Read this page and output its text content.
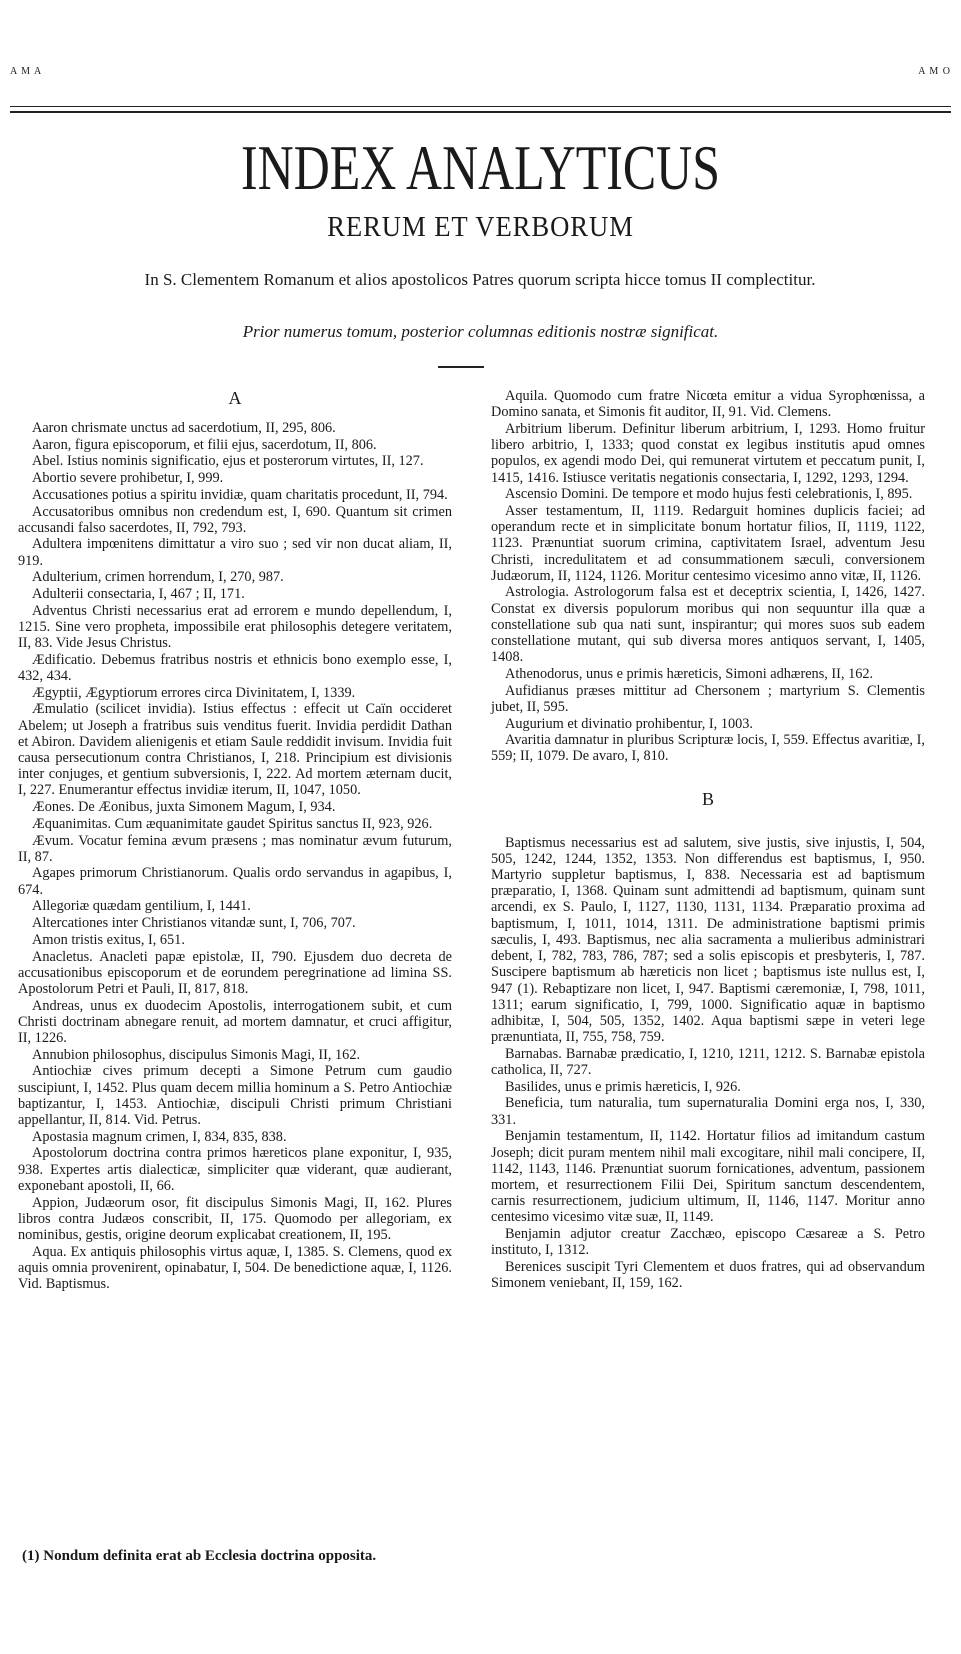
A M A	A M O
INDEX ANALYTICUS
RERUM ET VERBORUM
In S. Clementem Romanum et alios apostolicos Patres quorum scripta hicce tomus II complectitur.
Prior numerus tomum, posterior columnas editionis nostræ significat.
A
Aaron chrismate unctus ad sacerdotium, II, 295, 806.
Aaron, figura episcoporum, et filii ejus, sacerdotum, II, 806.
Abel. Istius nominis significatio, ejus et posterorum virtutes, II, 127.
Abortio severe prohibetur, I, 999.
Accusationes potius a spiritu invidiæ, quam charitatis procedunt, II, 794.
Accusatoribus omnibus non credendum est, I, 690. Quantum sit crimen accusandi falso sacerdotes, II, 792, 793.
Adultera impœnitens dimittatur a viro suo ; sed vir non ducat aliam, II, 919.
Adulterium, crimen horrendum, I, 270, 987.
Adulterii consectaria, I, 467 ; II, 171.
Adventus Christi necessarius erat ad errorem e mundo depellendum, I, 1215. Sine vero propheta, impossibile erat philosophis detegere veritatem, II, 83. Vide Jesus Christus.
Ædificatio. Debemus fratribus nostris et ethnicis bono exemplo esse, I, 432, 434.
Ægyptii, Ægyptiorum errores circa Divinitatem, I, 1339.
Æmulatio (scilicet invidia). Istius effectus : effecit ut Caïn occideret Abelem; ut Joseph a fratribus suis venditus fuerit. Invidia perdidit Dathan et Abiron. Davidem alienigenis et etiam Saule reddidit invisum. Invidia fuit causa persecutionum contra Christianos, I, 218. Principium est divisionis inter conjuges, et gentium subversionis, I, 222. Ad mortem æternam ducit, I, 227. Enumerantur effectus invidiæ iterum, II, 1047, 1050.
Æones. De Æonibus, juxta Simonem Magum, I, 934.
Æquanimitas. Cum æquanimitate gaudet Spiritus sanctus II, 923, 926.
Ævum. Vocatur femina ævum præsens ; mas nominatur ævum futurum, II, 87.
Agapes primorum Christianorum. Qualis ordo servandus in agapibus, I, 674.
Allegoriæ quædam gentilium, I, 1441.
Altercationes inter Christianos vitandæ sunt, I, 706, 707.
Amon tristis exitus, I, 651.
Anacletus. Anacleti papæ epistolæ, II, 790. Ejusdem duo decreta de accusationibus episcoporum et de eorundem peregrinatione ad limina SS. Apostolorum Petri et Pauli, II, 817, 818.
Andreas, unus ex duodecim Apostolis, interrogationem subit, et cum Christi doctrinam abnegare renuit, ad mortem damnatur, et cruci affigitur, II, 1226.
Annubion philosophus, discipulus Simonis Magi, II, 162.
Antiochiæ cives primum decepti a Simone Petrum cum gaudio suscipiunt, I, 1452. Plus quam decem millia hominum a S. Petro Antiochiæ baptizantur, I, 1453. Antiochiæ, discipuli Christi primum Christiani appellantur, II, 814. Vid. Petrus.
Apostasia magnum crimen, I, 834, 835, 838.
Apostolorum doctrina contra primos hæreticos plane exponitur, I, 935, 938. Expertes artis dialecticæ, simpliciter quæ viderant, quæ audierant, exponebant apostoli, II, 66.
Appion, Judæorum osor, fit discipulus Simonis Magi, II, 162. Plures libros contra Judæos conscribit, II, 175. Quomodo per allegoriam, ex nominibus, gestis, origine deorum explicabat creationem, II, 195.
Aqua. Ex antiquis philosophis virtus aquæ, I, 1385. S. Clemens, quod ex aquis omnia provenirent, opinabatur, I, 504. De benedictione aquæ, I, 1126. Vid. Baptismus.
Aquila. Quomodo cum fratre Nicœta emitur a vidua Syrophœnissa, a Domino sanata, et Simonis fit auditor, II, 91. Vid. Clemens.
Arbitrium liberum. Definitur liberum arbitrium, I, 1293. Homo fruitur libero arbitrio, I, 1333; quod constat ex legibus institutis apud omnes populos, ex agendi modo Dei, qui remunerat virtutem et peccatum punit, I, 1415, 1416. Istiusce veritatis negationis consectaria, I, 1292, 1293, 1294.
Ascensio Domini. De tempore et modo hujus festi celebrationis, I, 895.
Asser testamentum, II, 1119. Redarguit homines duplicis faciei; ad operandum recte et in simplicitate bonum hortatur filios, II, 1119, 1122, 1123. Prænuntiat suorum crimina, captivitatem Israel, adventum Jesu Christi, incredulitatem et ad consummationem sæculi, conversionem Judæorum, II, 1124, 1126. Moritur centesimo vicesimo anno vitæ, II, 1126.
Astrologia. Astrologorum falsa est et deceptrix scientia, I, 1426, 1427. Constat ex diversis populorum moribus qui non sequuntur illa quæ a constellatione sub qua nati sunt, inspirantur; qui mores suos sub eadem constellatione mutant, qui sub diversa mores antiquos servant, I, 1405, 1408.
Athenodorus, unus e primis hæreticis, Simoni adhærens, II, 162.
Aufidianus præses mittitur ad Chersonem ; martyrium S. Clementis jubet, II, 595.
Augurium et divinatio prohibentur, I, 1003.
Avaritia damnatur in pluribus Scripturæ locis, I, 559. Effectus avaritiæ, I, 559; II, 1079. De avaro, I, 810.
B
Baptismus necessarius est ad salutem, sive justis, sive injustis, I, 504, 505, 1242, 1244, 1352, 1353. Non differendus est baptismus, I, 950. Martyrio suppletur baptismus, I, 838. Necessaria est ad baptismum præparatio, I, 1368. Quinam sunt admittendi ad baptismum, quinam sunt arcendi, ex S. Paulo, I, 1127, 1130, 1131, 1134. Præparatio proxima ad baptismum, I, 1011, 1014, 1311. De administratione baptismi primis sæculis, I, 493. Baptismus, nec alia sacramenta a mulieribus administrari debent, I, 782, 783, 786, 787; sed a solis episcopis et presbyteris, I, 787. Suscipere baptismum ab hæreticis non licet ; baptismus iste nullus est, I, 947 (1). Rebaptizare non licet, I, 947. Baptismi cæremoniæ, I, 798, 1011, 1311; earum significatio, I, 799, 1000. Significatio aquæ in baptismo adhibitæ, I, 504, 505, 1352, 1402. Aqua baptismi sæpe in veteri lege prænuntiata, II, 755, 758, 759.
Barnabas. Barnabæ prædicatio, I, 1210, 1211, 1212. S. Barnabæ epistola catholica, II, 727.
Basilides, unus e primis hæreticis, I, 926.
Beneficia, tum naturalia, tum supernaturalia Domini erga nos, I, 330, 331.
Benjamin testamentum, II, 1142. Hortatur filios ad imitandum castum Joseph; dicit puram mentem nihil mali excogitare, nihil mali concipere, II, 1142, 1143, 1146. Prænuntiat suorum fornicationes, adventum, passionem mortem, et resurrectionem Filii Dei, Spiritum sanctum descendentem, carnis resurrectionem, judicium ultimum, II, 1146, 1147. Moritur anno centesimo vicesimo vitæ suæ, II, 1149.
Benjamin adjutor creatur Zacchæo, episcopo Cæsareæ a S. Petro instituto, I, 1312.
Berenices suscipit Tyri Clementem et duos fratres, qui ad observandum Simonem veniebant, II, 159, 162.
(1) Nondum definita erat ab Ecclesia doctrina opposita.
